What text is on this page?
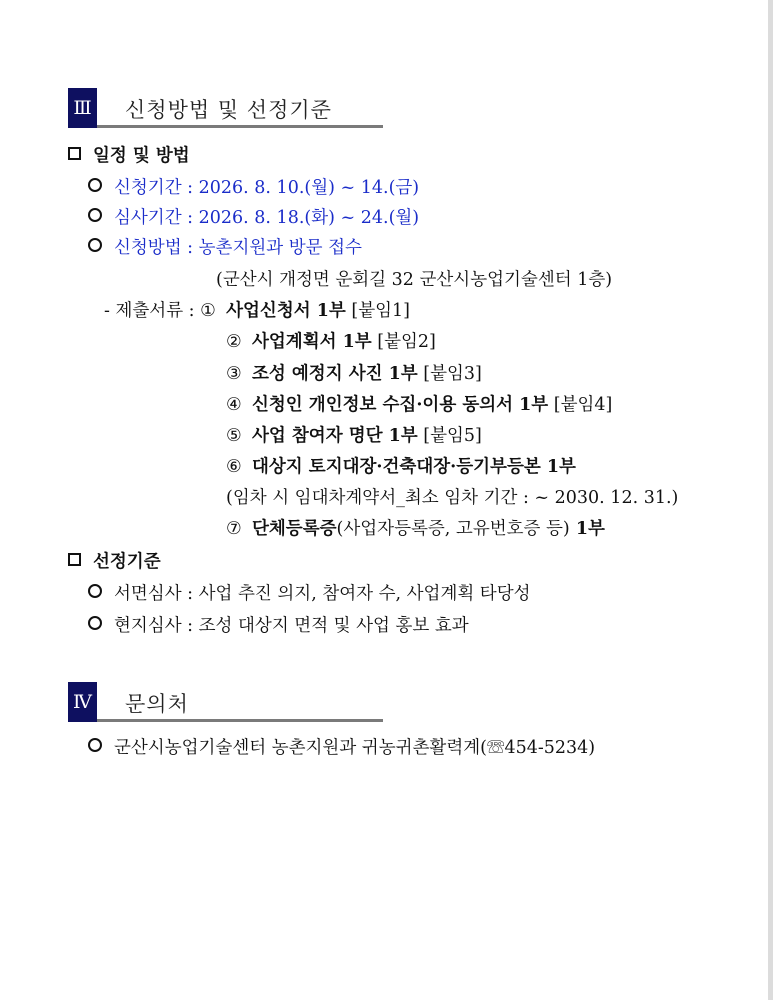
Ⅲ 신청방법 및 선정기준
일정 및 방법
신청기간 : 2026. 8. 10.(월) ~ 14.(금)
심사기간 : 2026. 8. 18.(화) ~ 24.(월)
신청방법 : 농촌지원과 방문 접수
(군산시 개정면 운회길 32 군산시농업기술센터 1층)
- 제출서류 : ① 사업신청서 1부 [붙임1]
② 사업계획서 1부 [붙임2]
③ 조성 예정지 사진 1부 [붙임3]
④ 신청인 개인정보 수집·이용 동의서 1부 [붙임4]
⑤ 사업 참여자 명단 1부 [붙임5]
⑥ 대상지 토지대장·건축대장·등기부등본 1부
(임차 시 임대차계약서_최소 임차 기간 : ~ 2030. 12. 31.)
⑦ 단체등록증(사업자등록증, 고유번호증 등) 1부
선정기준
서면심사 : 사업 추진 의지, 참여자 수, 사업계획 타당성
현지심사 : 조성 대상지 면적 및 사업 홍보 효과
Ⅳ 문의처
군산시농업기술센터 농촌지원과 귀농귀촌활력계(☏454-5234)
